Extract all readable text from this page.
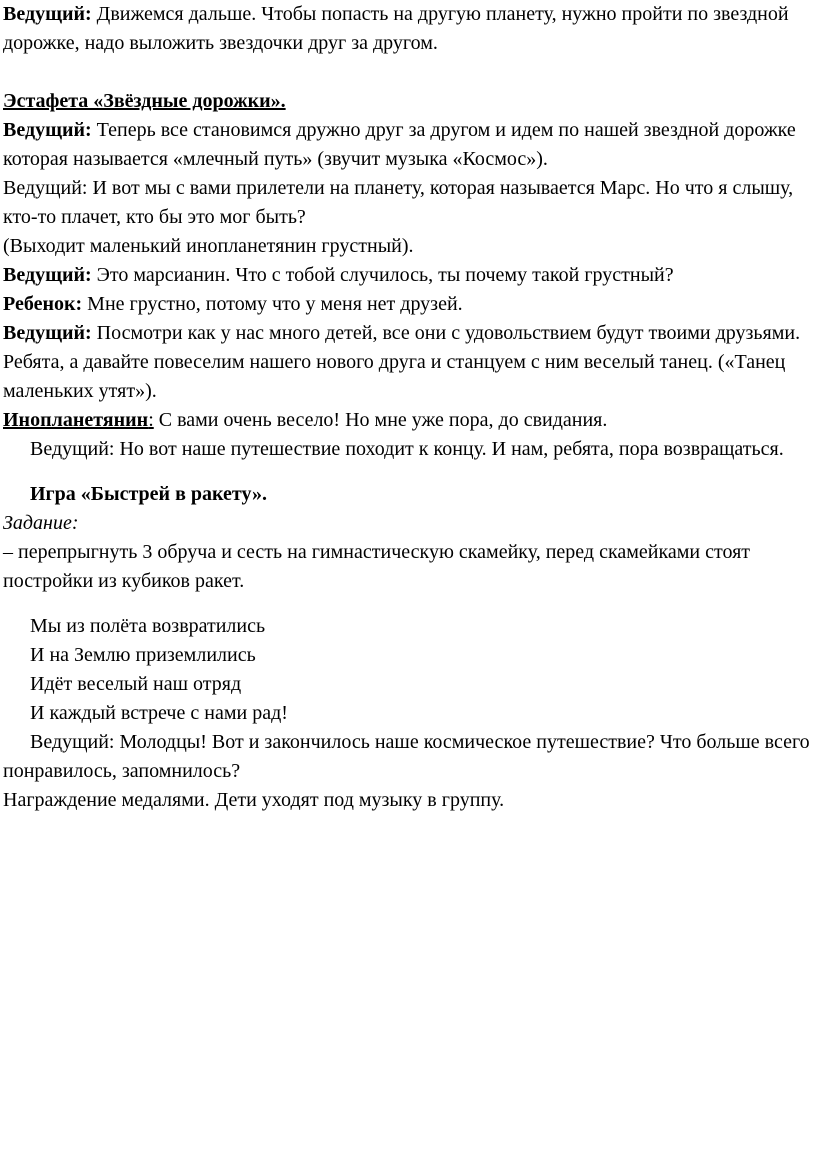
Ведущий: Движемся дальше. Чтобы попасть на другую планету, нужно пройти по звездной дорожке, надо выложить звездочки друг за другом.

Эстафета «Звёздные дорожки».

Ведущий: Теперь все становимся дружно друг за другом и идем по нашей звездной дорожке которая называется «млечный путь» (звучит музыка «Космос»).

Ведущий: И вот мы с вами прилетели на планету, которая называется Марс. Но что я слышу, кто-то плачет, кто бы это мог быть?

(Выходит маленький инопланетянин грустный).

Ведущий: Это марсианин. Что с тобой случилось, ты почему такой грустный?

Ребенок: Мне грустно, потому что у меня нет друзей.

Ведущий: Посмотри как у нас много детей, все они с удовольствием будут твоими друзьями. Ребята, а давайте повеселим нашего нового друга и станцуем с ним веселый танец. («Танец маленьких утят»).

Инопланетянин: С вами очень весело! Но мне уже пора, до свидания.

Ведущий: Но вот наше путешествие походит к концу. И нам, ребята, пора возвращаться.

Игра «Быстрей в ракету».

Задание:

– перепрыгнуть 3 обруча и сесть на гимнастическую скамейку, перед скамейками стоят постройки из кубиков ракет.

Мы из полёта возвратились

И на Землю приземлились

Идёт веселый наш отряд

И каждый встрече с нами рад!

Ведущий: Молодцы! Вот и закончилось наше космическое путешествие? Что больше всего понравилось, запомнилось?

Награждение медалями. Дети уходят под музыку в группу.
